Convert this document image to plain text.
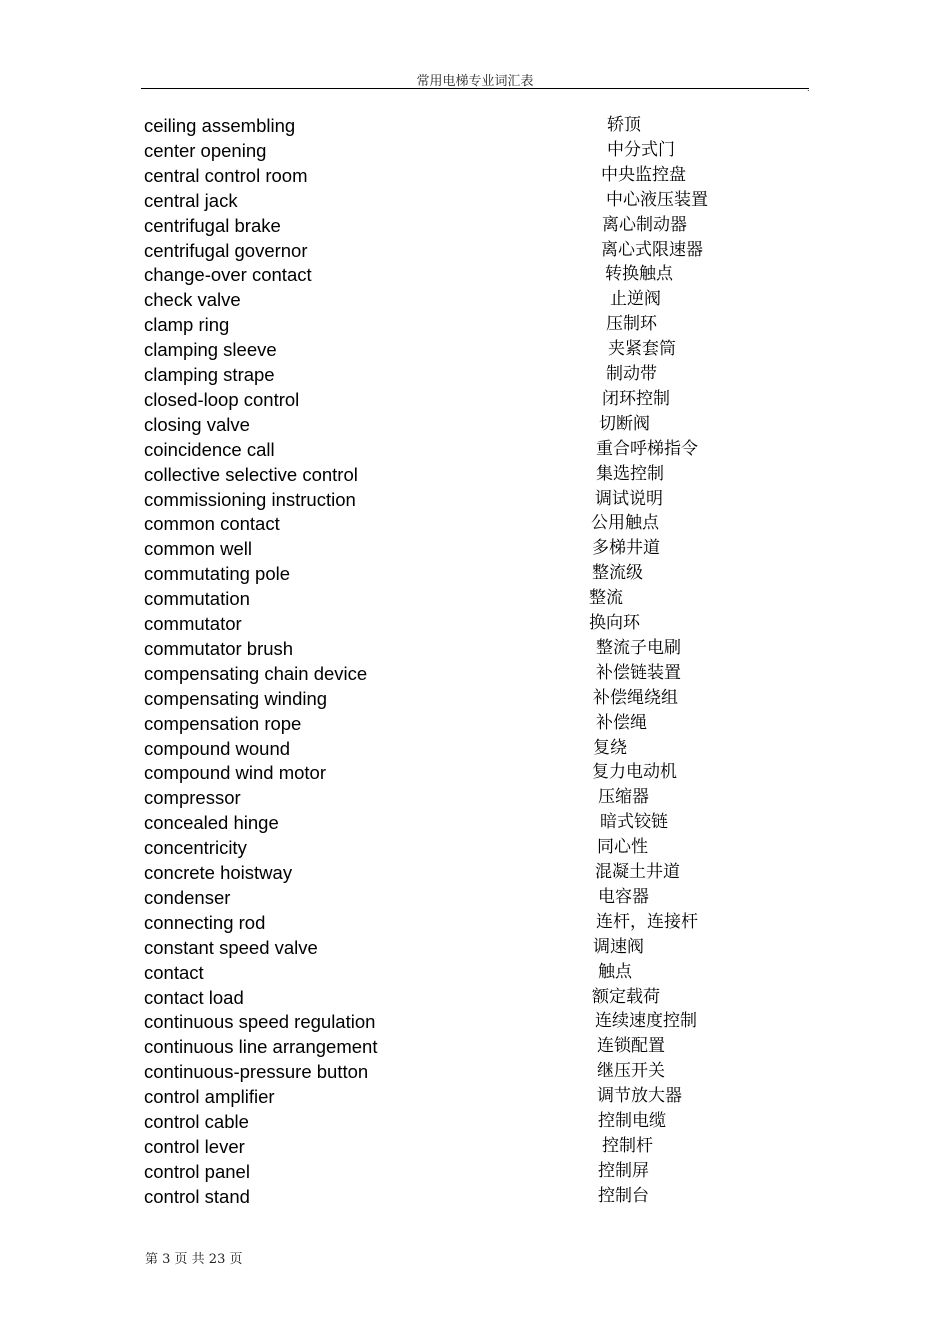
常用电梯专业词汇表	.
ceiling assembling	轿顶
center opening	中分式门
central control room	中央监控盘
central jack	中心液压装置
centrifugal brake	离心制动器
centrifugal governor	离心式限速器
change-over contact	转换触点
check valve	止逆阀
clamp ring	压制环
clamping sleeve	夹紧套筒
clamping strape	制动带
closed-loop control	闭环控制
closing valve	切断阀
coincidence call	重合呼梯指令
collective selective control	集选控制
commissioning instruction	调试说明
common contact	公用触点
common well	多梯井道
commutating pole	整流级
commutation	整流
commutator	换向环
commutator brush	整流子电刷
compensating chain device	补偿链装置
compensating winding	补偿绳绕组
compensation rope	补偿绳
compound wound	复绕
compound wind motor	复力电动机
compressor	压缩器
concealed hinge	暗式铰链
concentricity	同心性
concrete hoistway	混凝土井道
condenser	电容器
connecting rod	连杆，连接杆
constant speed valve	调速阀
contact	触点
contact load	额定载荷
continuous speed regulation	连续速度控制
continuous line arrangement	连锁配置
continuous-pressure button	继压开关
control amplifier	调节放大器
control cable	控制电缆
control lever	控制杆
control panel	控制屏
control stand	控制台
第 3 页 共 23 页
